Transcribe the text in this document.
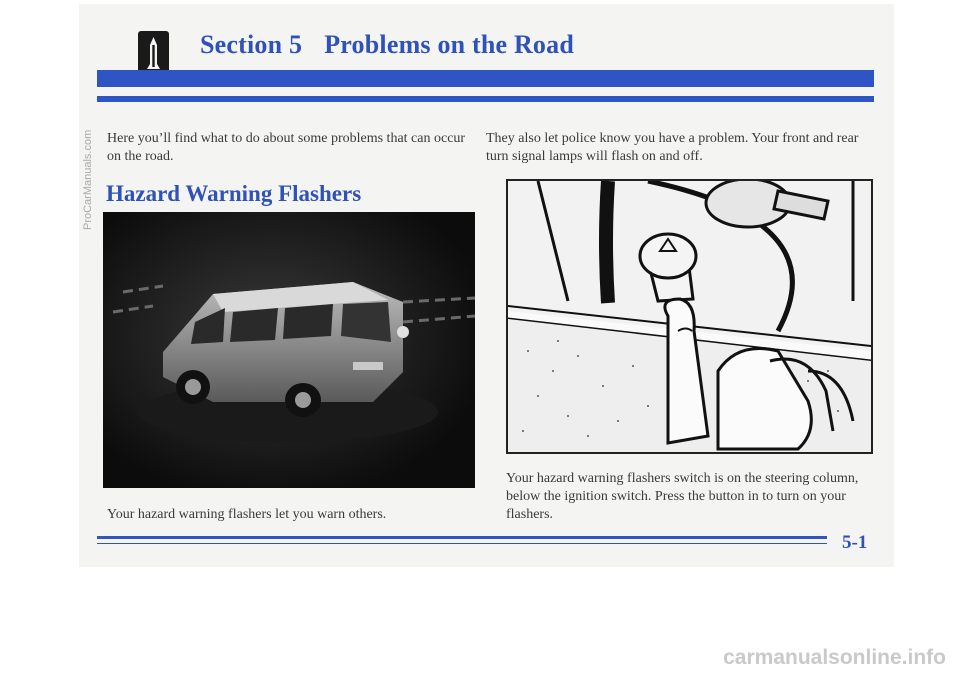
Section 5 Problems on the Road

Here you’ll find what to do about some problems that can occur on the road.

Hazard Warning Flashers

Your hazard warning flashers let you warn others.

They also let police know you have a problem. Your front and rear turn signal lamps will flash on and off.

Your hazard warning flashers switch is on the steering column, below the ignition switch. Press the button in to turn on your flashers.

5-1
ProCarManuals.com
carmanualsonline.info
